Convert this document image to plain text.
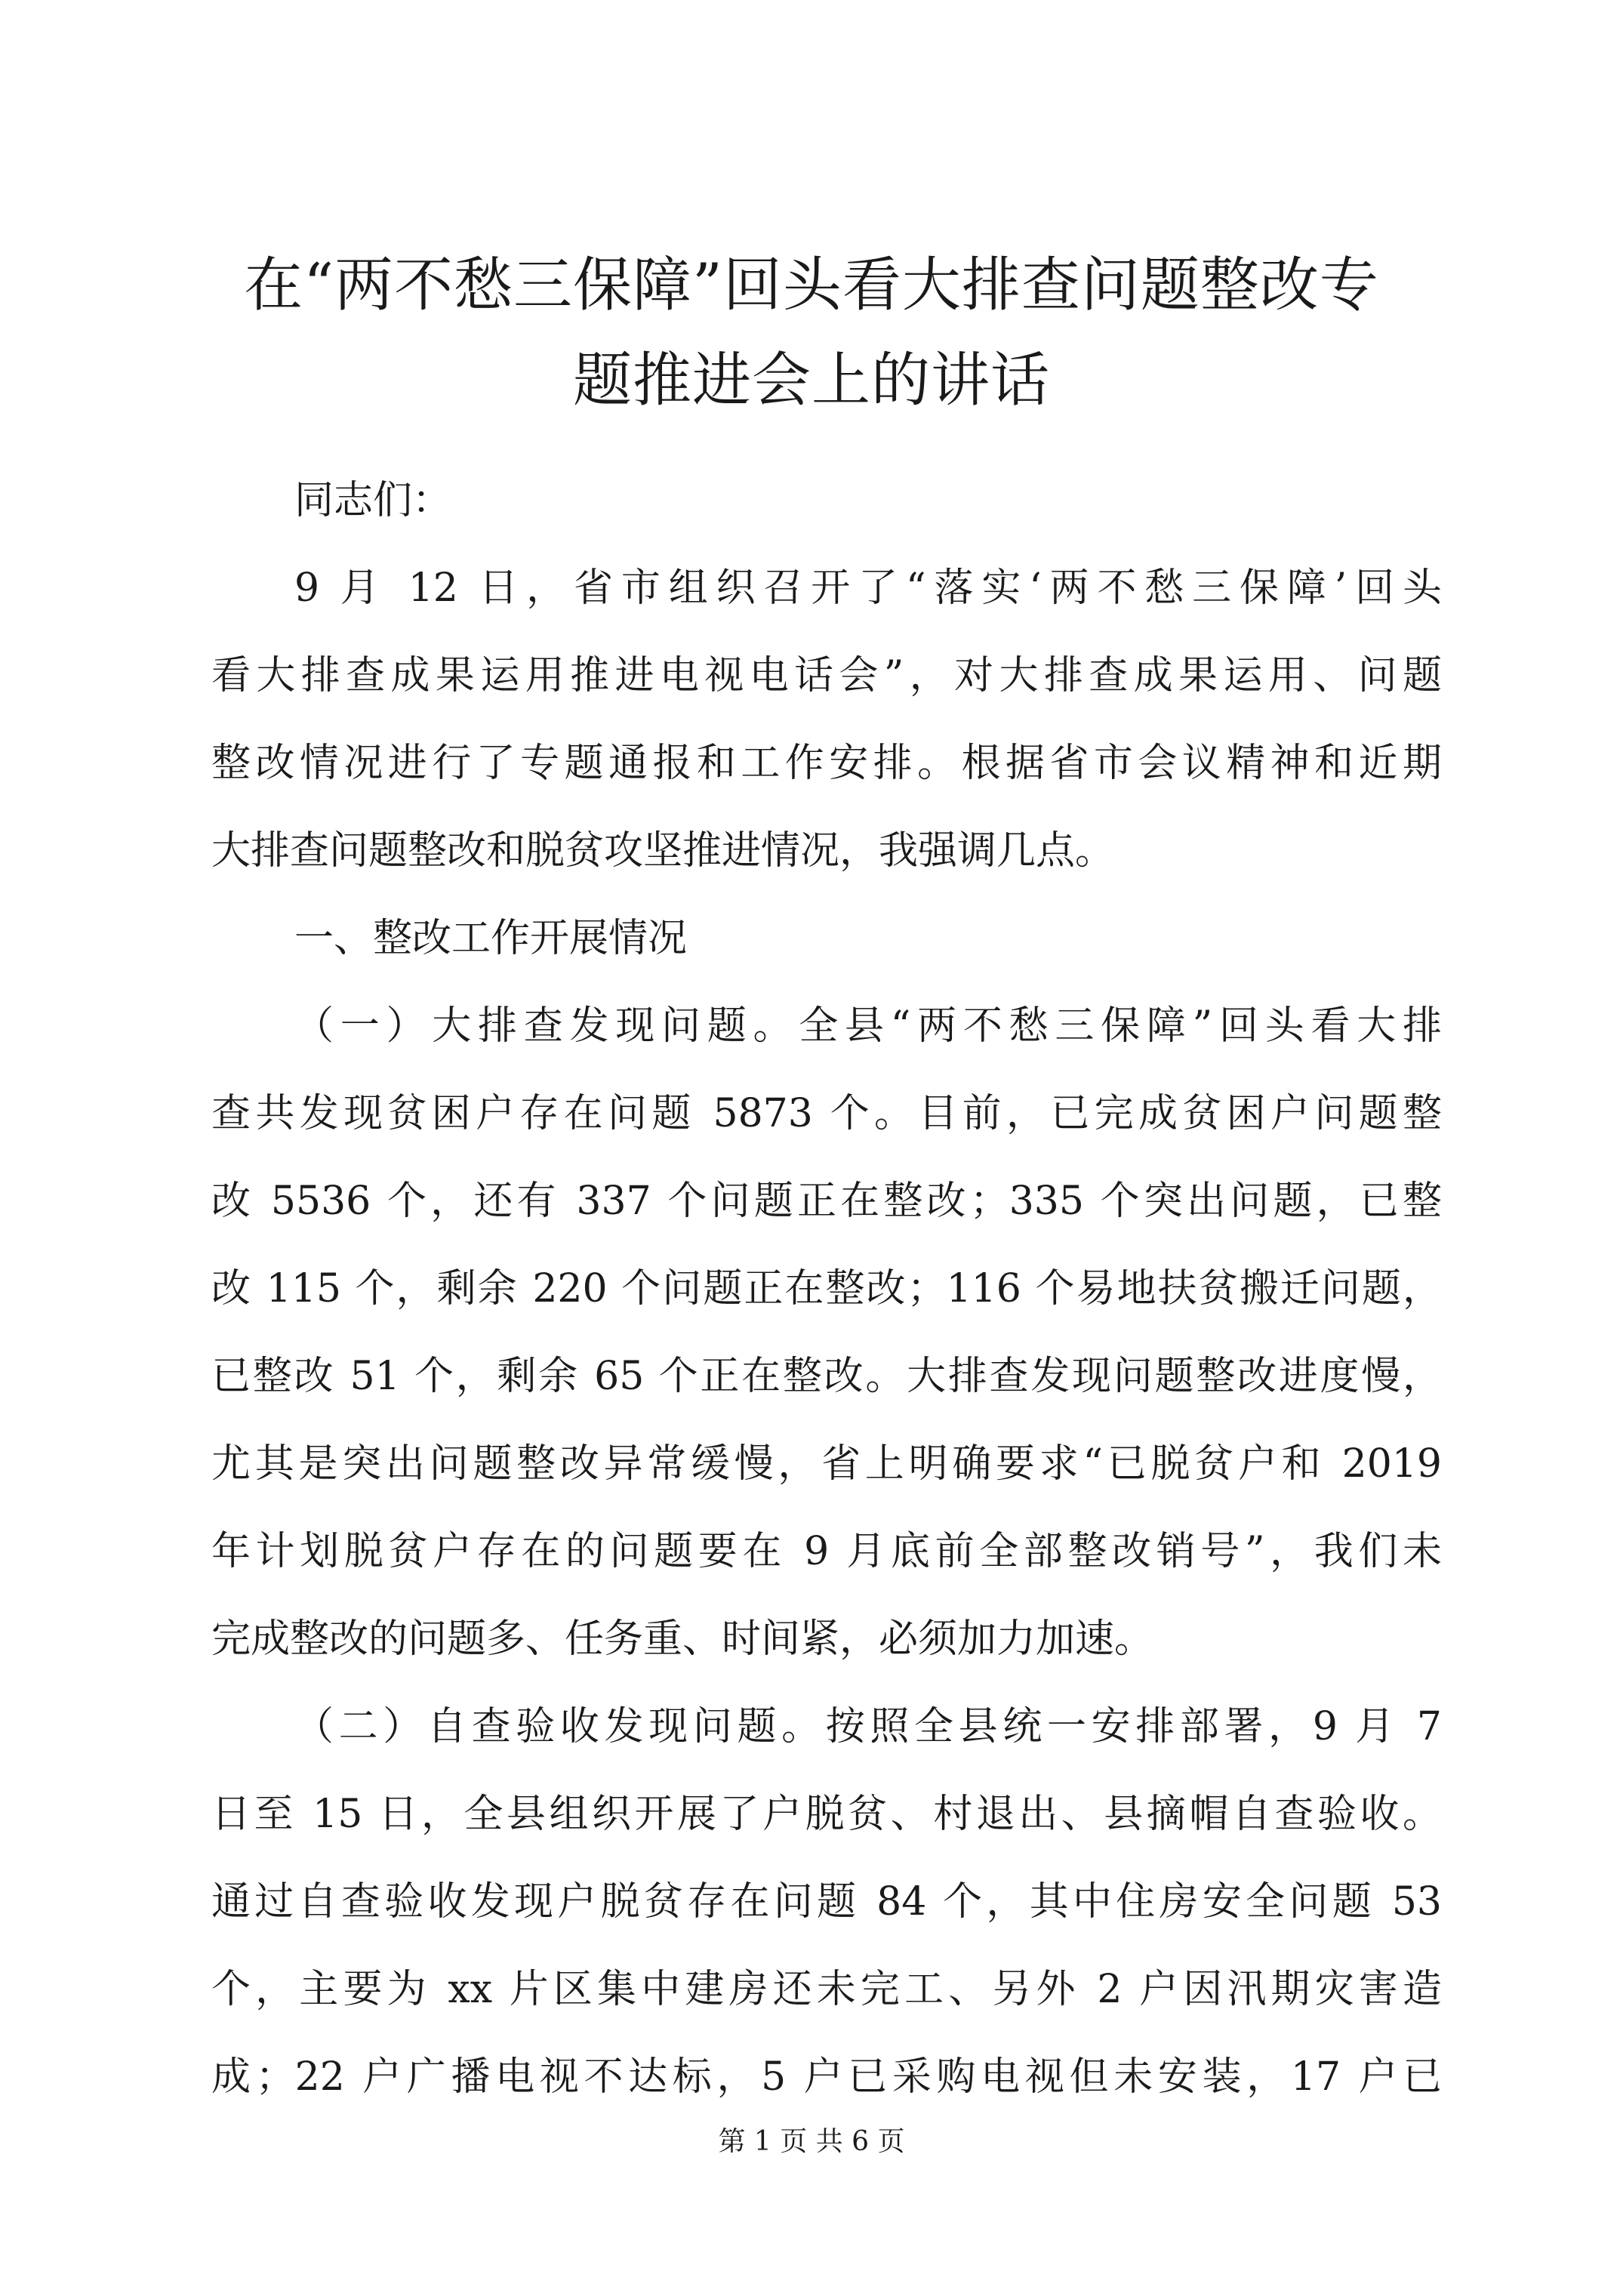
在“两不愁三保障”回头看大排查问题整改专
题推进会上的讲话
同志们：
9 月 12 日，省市组织召开了“落实‘两不愁三保障’回头
看大排查成果运用推进电视电话会”，对大排查成果运用、问题
整改情况进行了专题通报和工作安排。根据省市会议精神和近期
大排查问题整改和脱贫攻坚推进情况，我强调几点。
一、整改工作开展情况
（一）大排查发现问题。全县“两不愁三保障”回头看大排
查共发现贫困户存在问题 5873 个。目前，已完成贫困户问题整
改 5536 个，还有 337 个问题正在整改；335 个突出问题，已整
改 115 个，剩余 220 个问题正在整改；116 个易地扶贫搬迁问题，
已整改 51 个，剩余 65 个正在整改。大排查发现问题整改进度慢，
尤其是突出问题整改异常缓慢，省上明确要求“已脱贫户和 2019
年计划脱贫户存在的问题要在 9 月底前全部整改销号”，我们未
完成整改的问题多、任务重、时间紧，必须加力加速。
（二）自查验收发现问题。按照全县统一安排部署，9 月 7
日至 15 日，全县组织开展了户脱贫、村退出、县摘帽自查验收。
通过自查验收发现户脱贫存在问题 84 个，其中住房安全问题 53
个，主要为 xx 片区集中建房还未完工、另外 2 户因汛期灾害造
成；22 户广播电视不达标，5 户已采购电视但未安装，17 户已
第 1 页 共 6 页
